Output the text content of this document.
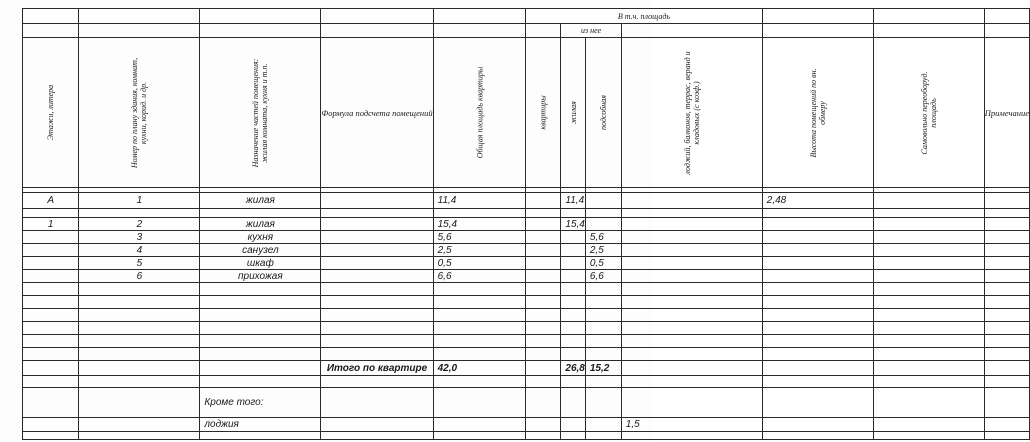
					В т.ч. площадь						
						из нее					

Этажи, литера	Номер по плану здания, комнат, кухни, корид. и др.	Назначение частей помещения: жилая комната, кухня и т.п.	Формула подсчета помещений	Общая площадь квартиры	квартиры	жилая	подсобная	лоджий, балконов, террас, веранд и кладовых (с коэф.)	Высота помещений по вн. обмеру	Самовольно переоборуд. площадь	Примечание

А	1	жилая		11,4		11,4			2,48		

1	2	жилая		15,4		15,4					
	3	кухня		5,6			5,6				
	4	санузел		2,5			2,5				
	5	шкаф		0,5			0,5				
	6	прихожая		6,6			6,6				

			Итого по квартире	42,0		26,8	15,2				

		Кроме того:									
		лоджия						1,5			
